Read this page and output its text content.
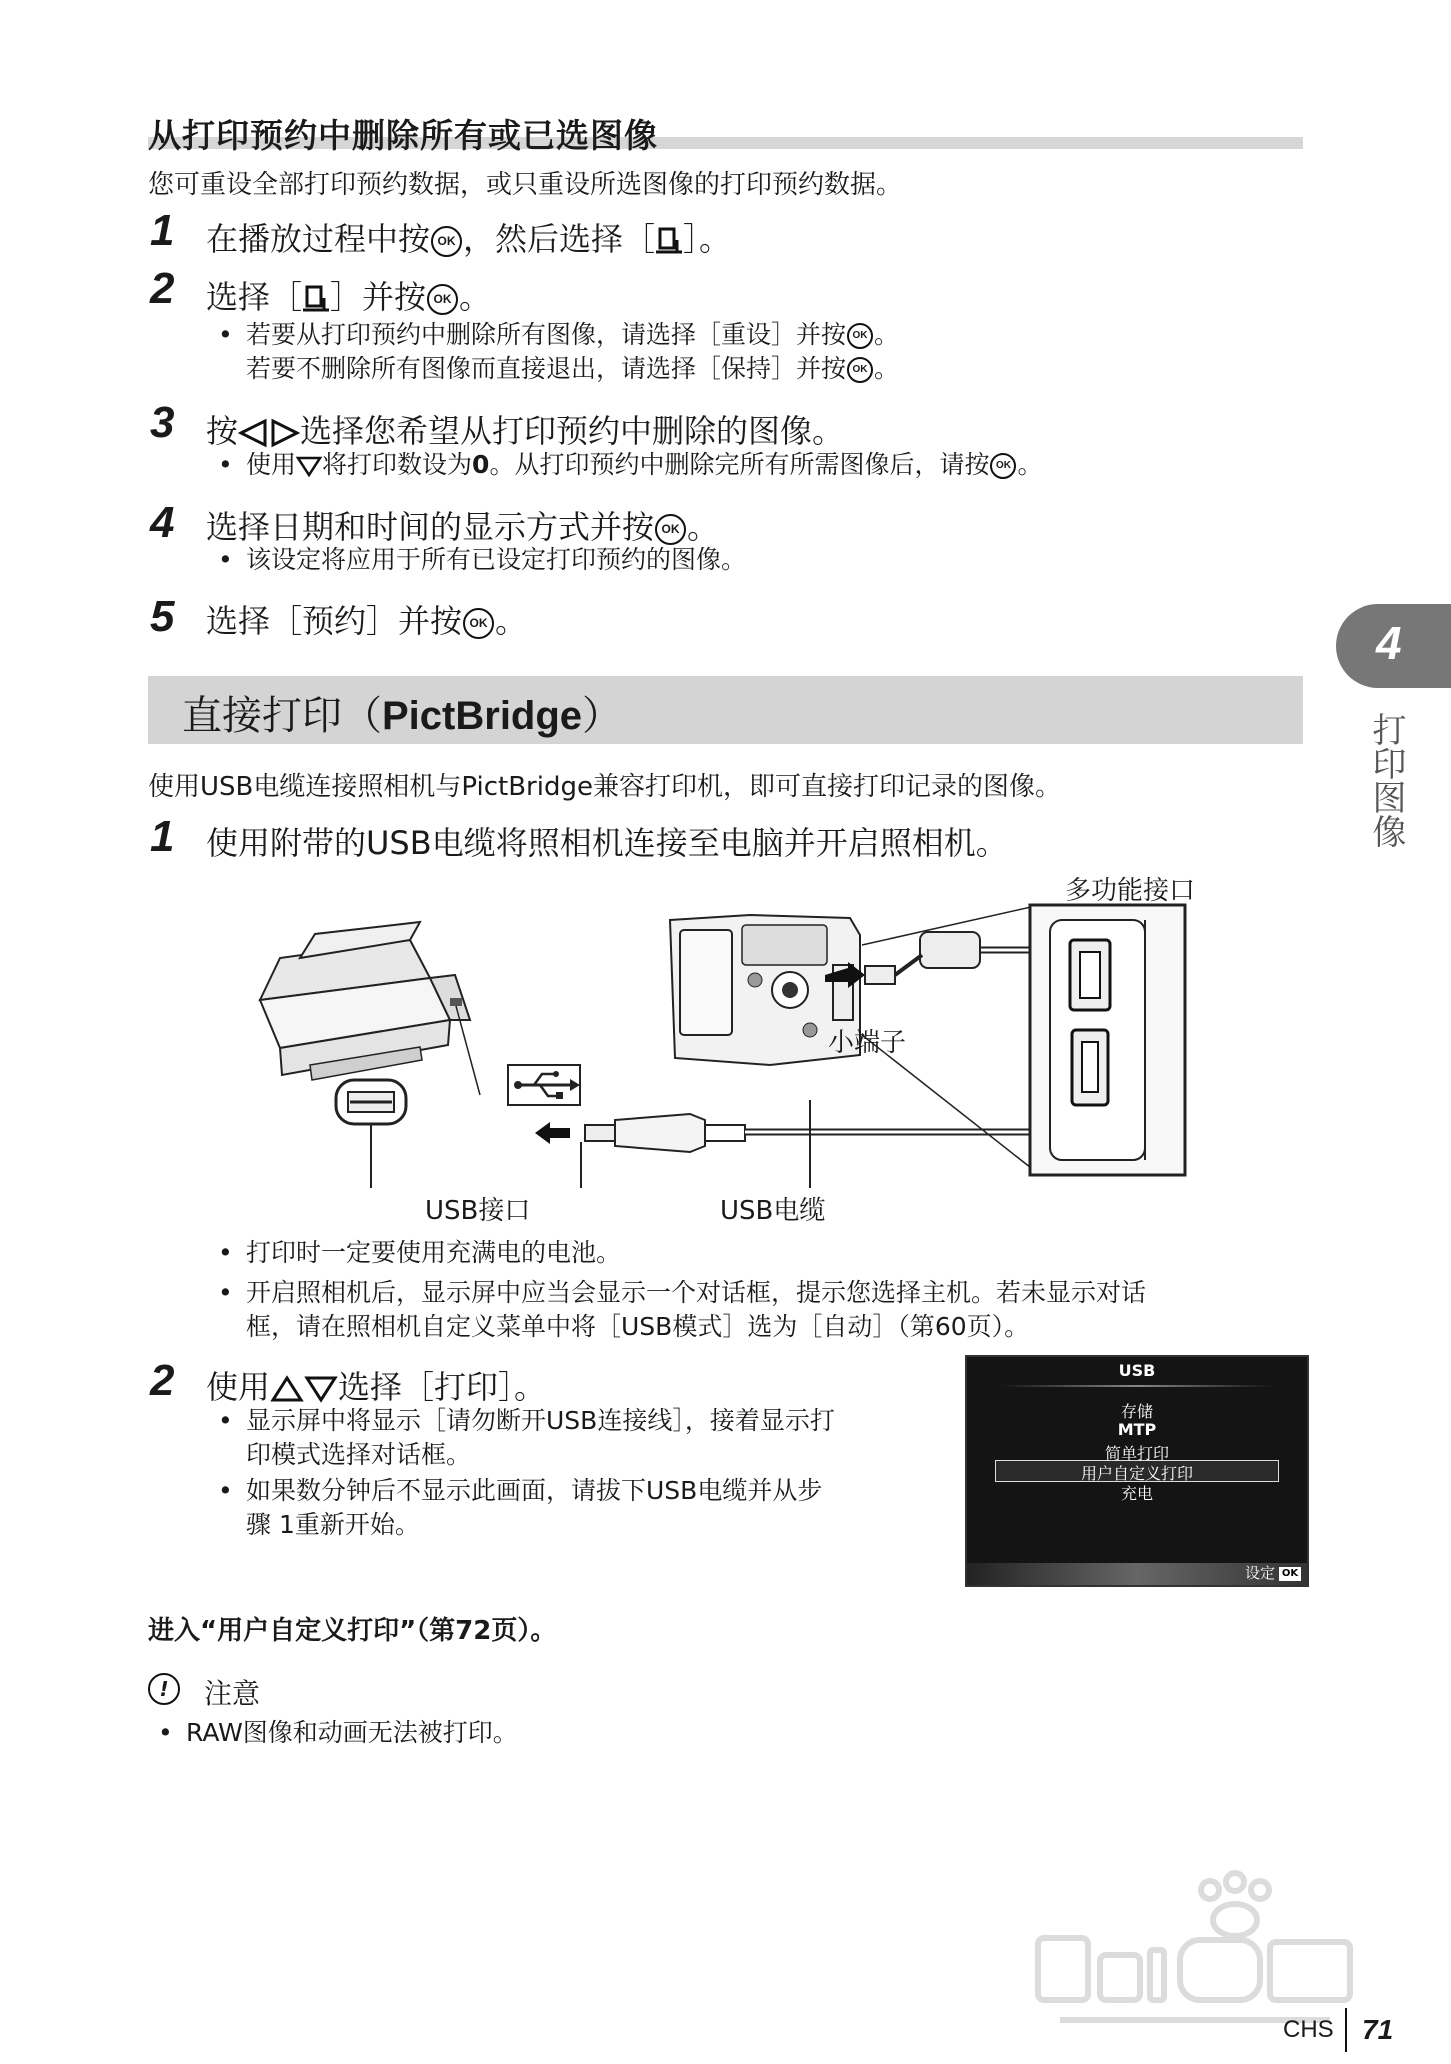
从打印预约中删除所有或已选图像
您可重设全部打印预约数据，或只重设所选图像的打印预约数据。
1 在播放过程中按 OK ，然后选择［ ］。
2 选择［ ］并按 OK 。
• 若要从打印预约中删除所有图像，请选择［重设］并按 OK 。
若要不删除所有图像而直接退出，请选择［保持］并按 OK 。
3 按 选择您希望从打印预约中删除的图像。
• 使用 将打印数设为0。从打印预约中删除完所有所需图像后，请按 OK 。
4 选择日期和时间的显示方式并按 OK 。
• 该设定将应用于所有已设定打印预约的图像。
5 选择［预约］并按 OK 。	4
打印图像
直接打印（PictBridge）
使用USB电缆连接照相机与PictBridge兼容打印机，即可直接打印记录的图像。
1 使用附带的USB电缆将照相机连接至电脑并开启照相机。
多功能接口
小端子
USB接口	USB电缆
• 打印时一定要使用充满电的电池。
• 开启照相机后，显示屏中应当会显示一个对话框，提示您选择主机。若未显示对话
框，请在照相机自定义菜单中将［USB模式］选为［自动］（第60页）。
2 使用 选择［打印］。
• 显示屏中将显示［请勿断开USB连接线］，接着显示打
印模式选择对话框。
• 如果数分钟后不显示此画面，请拔下USB电缆并从步
骤 1重新开始。
USB
存储
MTP
简单打印
用户自定义打印
充电
设定 OK
进入“用户自定义打印”（第72页）。
!	注意
• RAW图像和动画无法被打印。
CHS 71
